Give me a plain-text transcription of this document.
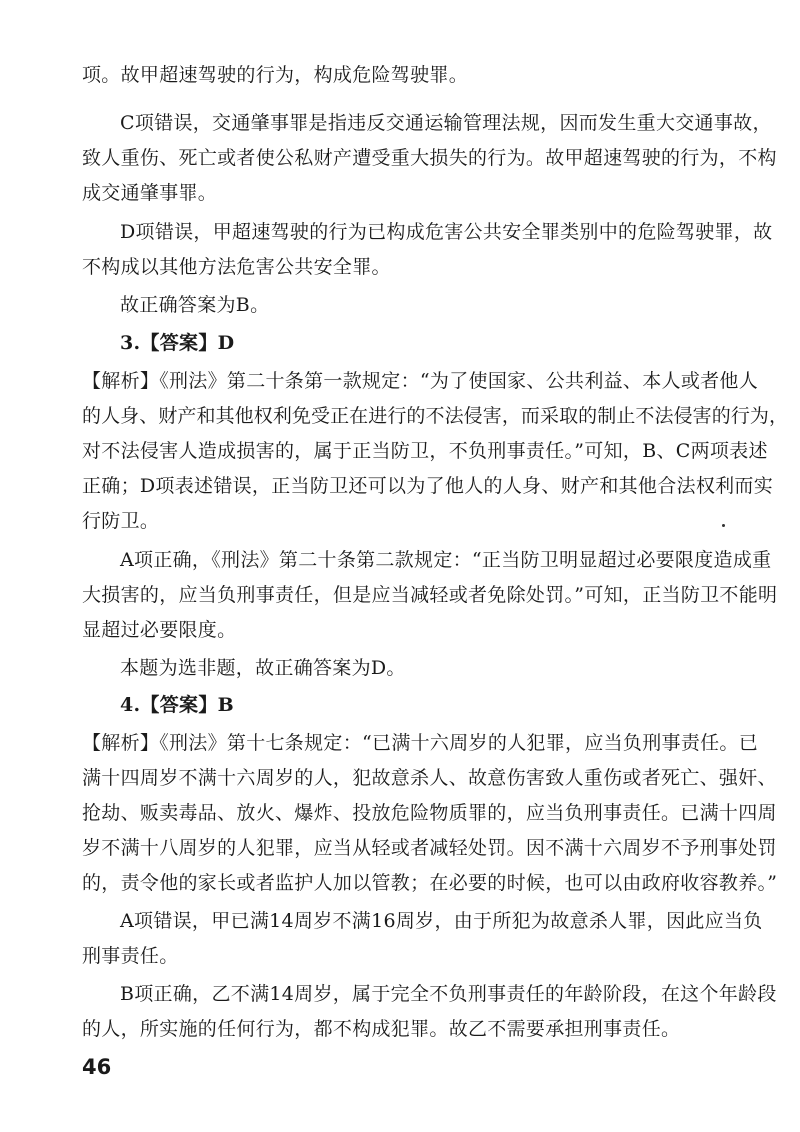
项。故甲超速驾驶的行为，构成危险驾驶罪。
C项错误，交通肇事罪是指违反交通运输管理法规，因而发生重大交通事故，
致人重伤、死亡或者使公私财产遭受重大损失的行为。故甲超速驾驶的行为，不构
成交通肇事罪。
D项错误，甲超速驾驶的行为已构成危害公共安全罪类别中的危险驾驶罪，故
不构成以其他方法危害公共安全罪。
故正确答案为B。
3.【答案】D
【解析】《刑法》第二十条第一款规定：“为了使国家、公共利益、本人或者他人
的人身、财产和其他权利免受正在进行的不法侵害，而采取的制止不法侵害的行为，
对不法侵害人造成损害的，属于正当防卫，不负刑事责任。”可知，B、C两项表述
正确；D项表述错误，正当防卫还可以为了他人的人身、财产和其他合法权利而实
行防卫。
A项正确，《刑法》第二十条第二款规定：“正当防卫明显超过必要限度造成重
大损害的，应当负刑事责任，但是应当减轻或者免除处罚。”可知，正当防卫不能明
显超过必要限度。
本题为选非题，故正确答案为D。
4.【答案】B
【解析】《刑法》第十七条规定：“已满十六周岁的人犯罪，应当负刑事责任。已
满十四周岁不满十六周岁的人，犯故意杀人、故意伤害致人重伤或者死亡、强奸、
抢劫、贩卖毒品、放火、爆炸、投放危险物质罪的，应当负刑事责任。已满十四周
岁不满十八周岁的人犯罪，应当从轻或者减轻处罚。因不满十六周岁不予刑事处罚
的，责令他的家长或者监护人加以管教；在必要的时候，也可以由政府收容教养。”
A项错误，甲已满14周岁不满16周岁，由于所犯为故意杀人罪，因此应当负
刑事责任。
B项正确，乙不满14周岁，属于完全不负刑事责任的年龄阶段，在这个年龄段
的人，所实施的任何行为，都不构成犯罪。故乙不需要承担刑事责任。
46
